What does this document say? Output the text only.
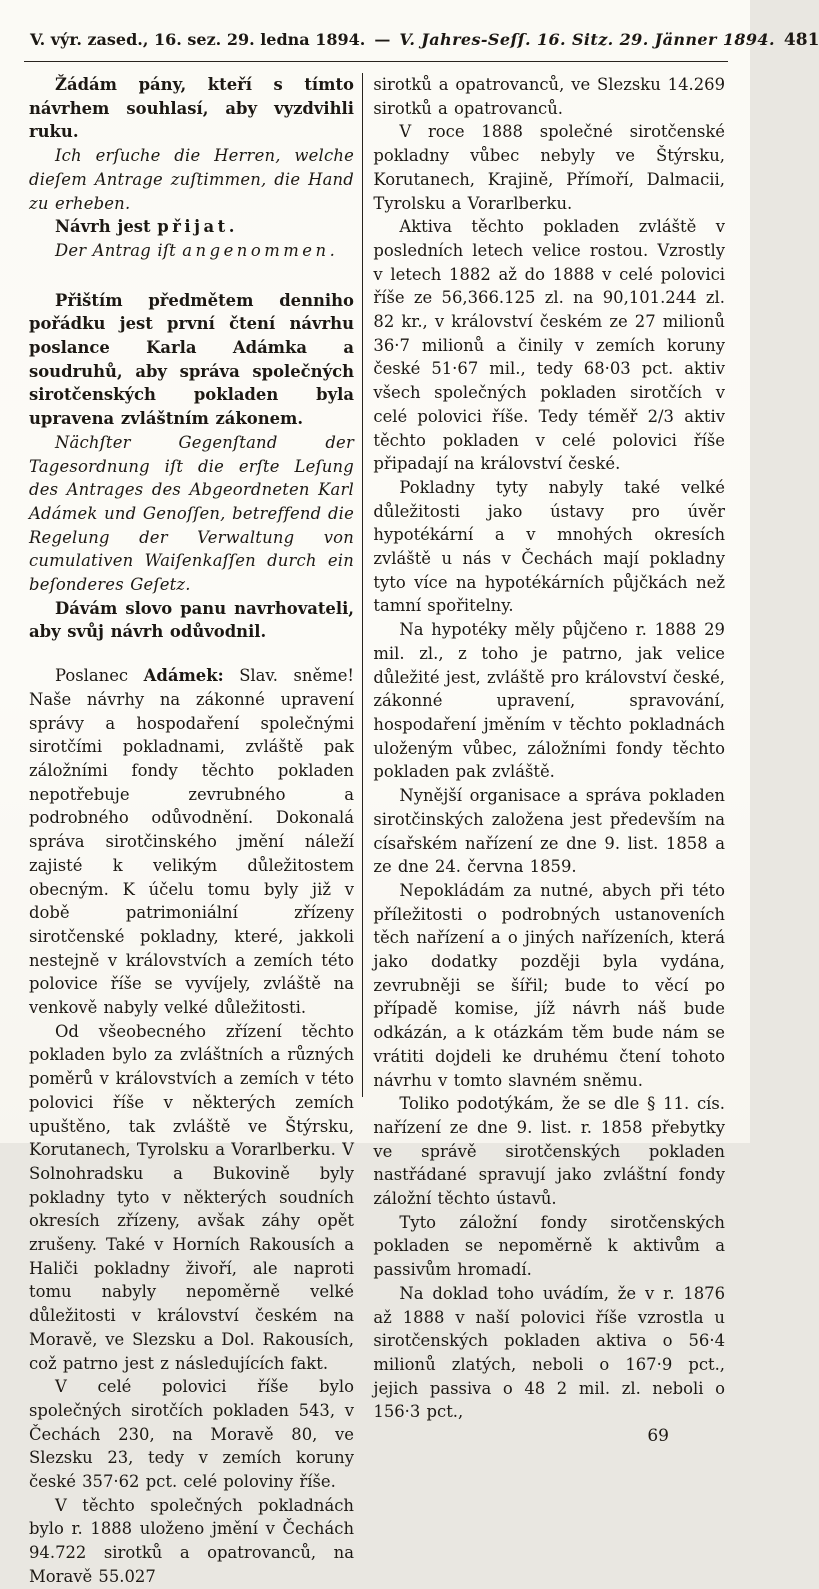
V. výr. zased., 16. sez. 29. ledna 1894. — V. Jahres-Seſſ. 16. Sitz. 29. Jänner 1894. 481

Žádám pány, kteří s tímto návrhem souhlasí, aby vyzdvihli ruku.

Ich erſuche die Herren, welche dieſem Antrage zuſtimmen, die Hand zu erheben.

Návrh jest přijat.

Der Antrag iſt angenommen.

Přištím předmětem denniho pořádku jest první čtení návrhu poslance Karla Adámka a soudruhů, aby správa společných sirotčenských pokladen byla upravena zvláštním zákonem.

Nächſter Gegenſtand der Tagesordnung iſt die erſte Leſung des Antrages des Abgeordneten Karl Adámek und Genoſſen, betreffend die Regelung der Verwaltung von cumulativen Waiſenkaſſen durch ein beſonderes Geſetz.

Dávám slovo panu navrhovateli, aby svůj návrh odůvodnil.

Poslanec Adámek: Slav. sněme! Naše návrhy na zákonné upravení správy a hospodaření společnými sirotčími pokladnami, zvláště pak záložními fondy těchto pokladen nepotřebuje zevrubného a podrobného odůvodnění. Dokonalá správa sirotčinského jmění náleží zajisté k velikým důležitostem obecným. K účelu tomu byly již v době patrimoniální zřízeny sirotčenské pokladny, které, jakkoli nestejně v královstvích a zemích této polovice říše se vyvíjely, zvláště na venkově nabyly velké důležitosti.

Od všeobecného zřízení těchto pokladen bylo za zvláštních a různých poměrů v královstvích a zemích v této polovici říše v některých zemích upuštěno, tak zvláště ve Štýrsku, Korutanech, Tyrolsku a Vorarlberku. V Solnohradsku a Bukovině byly pokladny tyto v některých soudních okresích zřízeny, avšak záhy opět zrušeny. Také v Horních Rakousích a Haliči pokladny živoří, ale naproti tomu nabyly nepoměrně velké důležitosti v království českém na Moravě, ve Slezsku a Dol. Rakousích, což patrno jest z následujících fakt.

V celé polovici říše bylo společných sirotčích pokladen 543, v Čechách 230, na Moravě 80, ve Slezsku 23, tedy v zemích koruny české 357·62 pct. celé poloviny říše.

V těchto společných pokladnách bylo r. 1888 uloženo jmění v Čechách 94.722 sirotků a opatrovanců, na Moravě 55.027

sirotků a opatrovanců, ve Slezsku 14.269 sirotků a opatrovanců.

V roce 1888 společné sirotčenské pokladny vůbec nebyly ve Štýrsku, Korutanech, Krajině, Přímoří, Dalmacii, Tyrolsku a Vorarlberku.

Aktiva těchto pokladen zvláště v posledních letech velice rostou. Vzrostly v letech 1882 až do 1888 v celé polovici říše ze 56,366.125 zl. na 90,101.244 zl. 82 kr., v království českém ze 27 milionů 36·7 milionů a činily v zemích koruny české 51·67 mil., tedy 68·03 pct. aktiv všech společných pokladen sirotčích v celé polovici říše. Tedy téměř 2/3 aktiv těchto pokladen v celé polovici říše připadají na království české.

Pokladny tyty nabyly také velké důležitosti jako ústavy pro úvěr hypotékární a v mnohých okresích zvláště u nás v Čechách mají pokladny tyto více na hypotékárních půjčkách než tamní spořitelny.

Na hypotéky měly půjčeno r. 1888 29 mil. zl., z toho je patrno, jak velice důležité jest, zvláště pro království české, zákonné upravení, spravování, hospodaření jměním v těchto pokladnách uloženým vůbec, záložními fondy těchto pokladen pak zvláště.

Nynější organisace a správa pokladen sirotčinských založena jest především na císařském nařízení ze dne 9. list. 1858 a ze dne 24. června 1859.

Nepokládám za nutné, abych při této příležitosti o podrobných ustanoveních těch nařízení a o jiných nařízeních, která jako dodatky později byla vydána, zevrubněji se šířil; bude to věcí po případě komise, jíž návrh náš bude odkázán, a k otázkám těm bude nám se vrátiti dojdeli ke druhému čtení tohoto návrhu v tomto slavném sněmu.

Toliko podotýkám, že se dle § 11. cís. nařízení ze dne 9. list. r. 1858 přebytky ve správě sirotčenských pokladen nastřádané spravují jako zvláštní fondy záložní těchto ústavů.

Tyto záložní fondy sirotčenských pokladen se nepoměrně k aktivům a passivům hromadí.

Na doklad toho uvádím, že v r. 1876 až 1888 v naší polovici říše vzrostla u sirotčenských pokladen aktiva o 56·4 milionů zlatých, neboli o 167·9 pct., jejich passiva o 48 2 mil. zl. neboli o 156·3 pct.,

69
